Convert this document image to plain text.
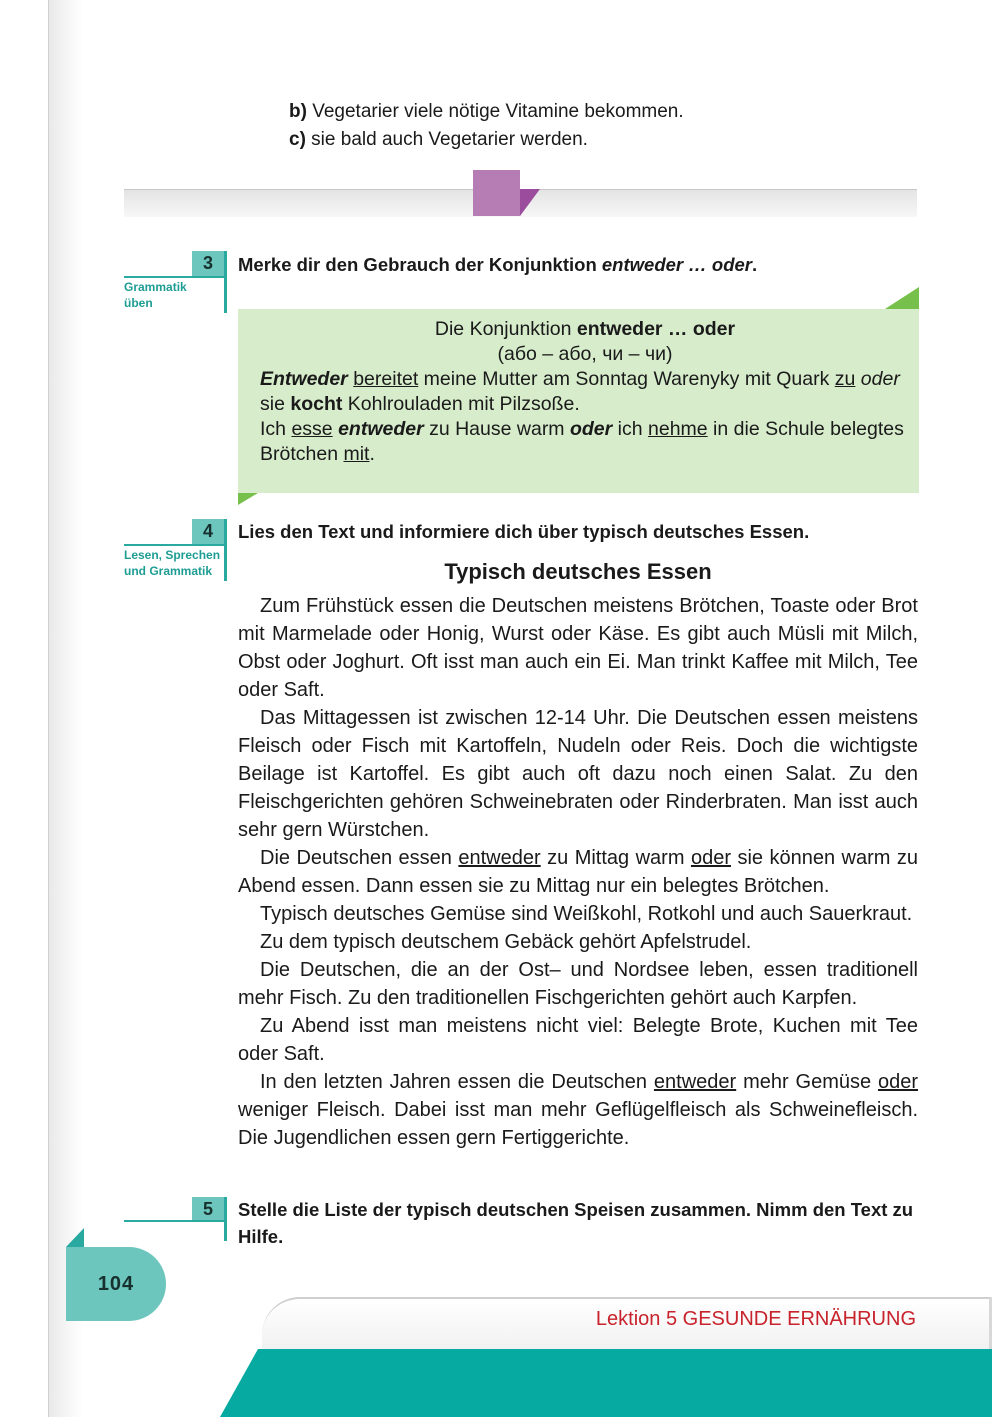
b) Vegetarier viele nötige Vitamine bekommen.
c) sie bald auch Vegetarier werden.
3
Grammatik
üben
Merke dir den Gebrauch der Konjunktion entweder … oder.
Die Konjunktion entweder … oder
(або – або, чи – чи)
Entweder bereitet meine Mutter am Sonntag Warenyky mit Quark zu oder sie kocht Kohlrouladen mit Pilzsoße.
Ich esse entweder zu Hause warm oder ich nehme in die Schule belegtes Brötchen mit.
4
Lesen, Sprechen
und Grammatik
Lies den Text und informiere dich über typisch deutsches Essen.
Typisch deutsches Essen

Zum Frühstück essen die Deutschen meistens Brötchen, Toaste oder Brot mit Marmelade oder Honig, Wurst oder Käse. Es gibt auch Müsli mit Milch, Obst oder Joghurt. Oft isst man auch ein Ei. Man trinkt Kaffee mit Milch, Tee oder Saft.

Das Mittagessen ist zwischen 12-14 Uhr. Die Deutschen essen meistens Fleisch oder Fisch mit Kartoffeln, Nudeln oder Reis. Doch die wichtigste Beilage ist Kartoffel. Es gibt auch oft dazu noch einen Salat. Zu den Fleischgerichten gehören Schweinebraten oder Rinderbraten. Man isst auch sehr gern Würstchen.

Die Deutschen essen entweder zu Mittag warm oder sie können warm zu Abend essen. Dann essen sie zu Mittag nur ein belegtes Brötchen.

Typisch deutsches Gemüse sind Weißkohl, Rotkohl und auch Sauerkraut.

Zu dem typisch deutschem Gebäck gehört Apfelstrudel.

Die Deutschen, die an der Ost– und Nordsee leben, essen traditionell mehr Fisch. Zu den traditionellen Fischgerichten gehört auch Karpfen.

Zu Abend isst man meistens nicht viel: Belegte Brote, Kuchen mit Tee oder Saft.

In den letzten Jahren essen die Deutschen entweder mehr Gemüse oder weniger Fleisch. Dabei isst man mehr Geflügelfleisch als Schweinefleisch. Die Jugendlichen essen gern Fertiggerichte.

5	Stelle die Liste der typisch deutschen Speisen zusammen. Nimm den Text zu Hilfe.
104
Lektion 5 GESUNDE ERNÄHRUNG
